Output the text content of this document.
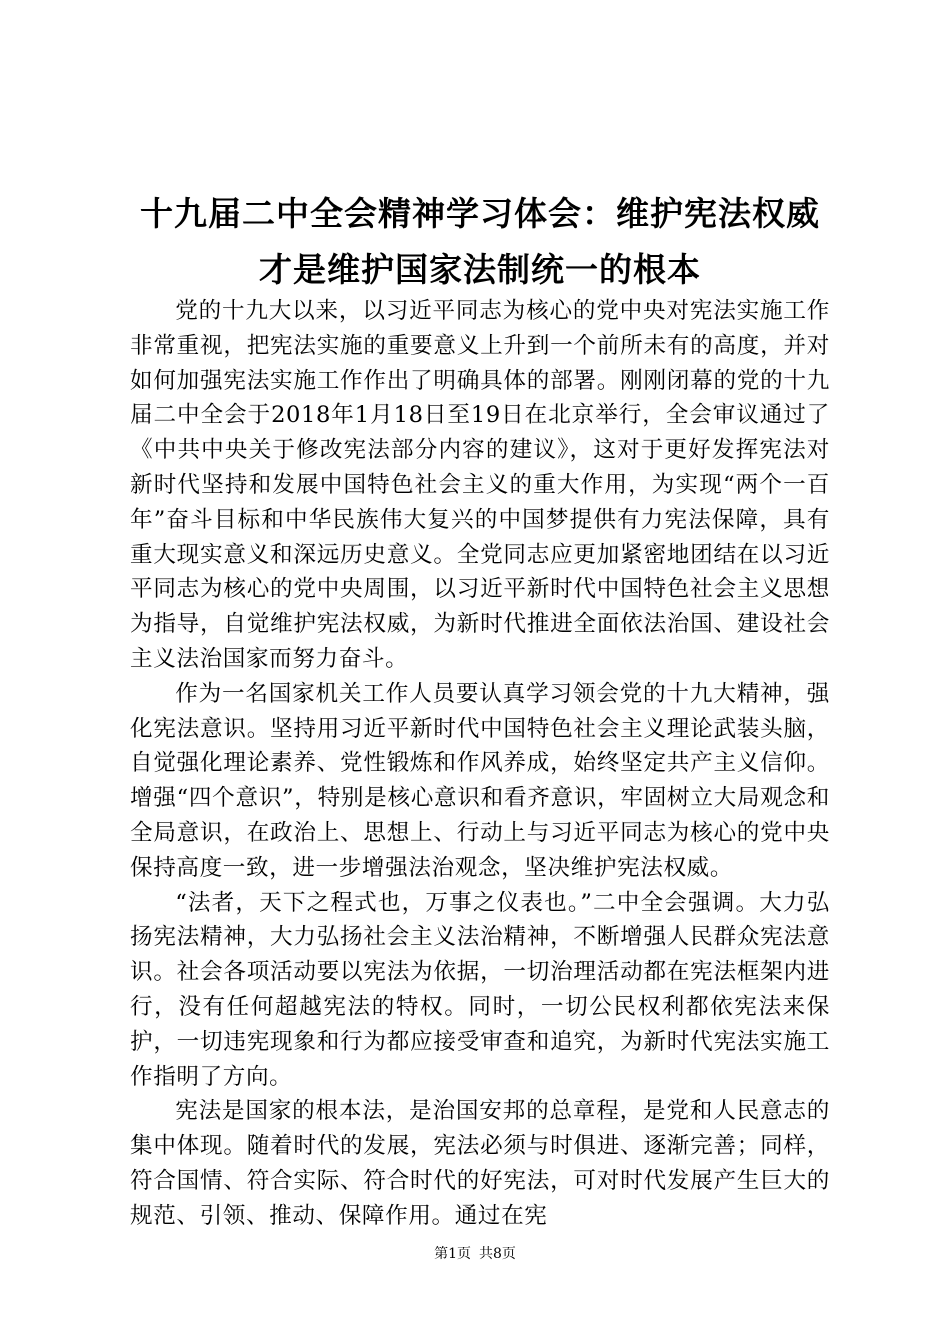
十九届二中全会精神学习体会：维护宪法权威
才是维护国家法制统一的根本

党的十九大以来，以习近平同志为核心的党中央对宪法实施工作非常重视，把宪法实施的重要意义上升到一个前所未有的高度，并对如何加强宪法实施工作作出了明确具体的部署。刚刚闭幕的党的十九届二中全会于2018年1月18日至19日在北京举行，全会审议通过了《中共中央关于修改宪法部分内容的建议》，这对于更好发挥宪法对新时代坚持和发展中国特色社会主义的重大作用，为实现“两个一百年”奋斗目标和中华民族伟大复兴的中国梦提供有力宪法保障，具有重大现实意义和深远历史意义。全党同志应更加紧密地团结在以习近平同志为核心的党中央周围，以习近平新时代中国特色社会主义思想为指导，自觉维护宪法权威，为新时代推进全面依法治国、建设社会主义法治国家而努力奋斗。

作为一名国家机关工作人员要认真学习领会党的十九大精神，强化宪法意识。坚持用习近平新时代中国特色社会主义理论武装头脑，自觉强化理论素养、党性锻炼和作风养成，始终坚定共产主义信仰。增强“四个意识”，特别是核心意识和看齐意识，牢固树立大局观念和全局意识，在政治上、思想上、行动上与习近平同志为核心的党中央保持高度一致，进一步增强法治观念，坚决维护宪法权威。

“法者，天下之程式也，万事之仪表也。”二中全会强调。大力弘扬宪法精神，大力弘扬社会主义法治精神，不断增强人民群众宪法意识。社会各项活动要以宪法为依据，一切治理活动都在宪法框架内进行，没有任何超越宪法的特权。同时，一切公民权利都依宪法来保护，一切违宪现象和行为都应接受审查和追究，为新时代宪法实施工作指明了方向。

宪法是国家的根本法，是治国安邦的总章程，是党和人民意志的集中体现。随着时代的发展，宪法必须与时俱进、逐渐完善；同样，符合国情、符合实际、符合时代的好宪法，可对时代发展产生巨大的规范、引领、推动、保障作用。通过在宪

第1页 共8页
